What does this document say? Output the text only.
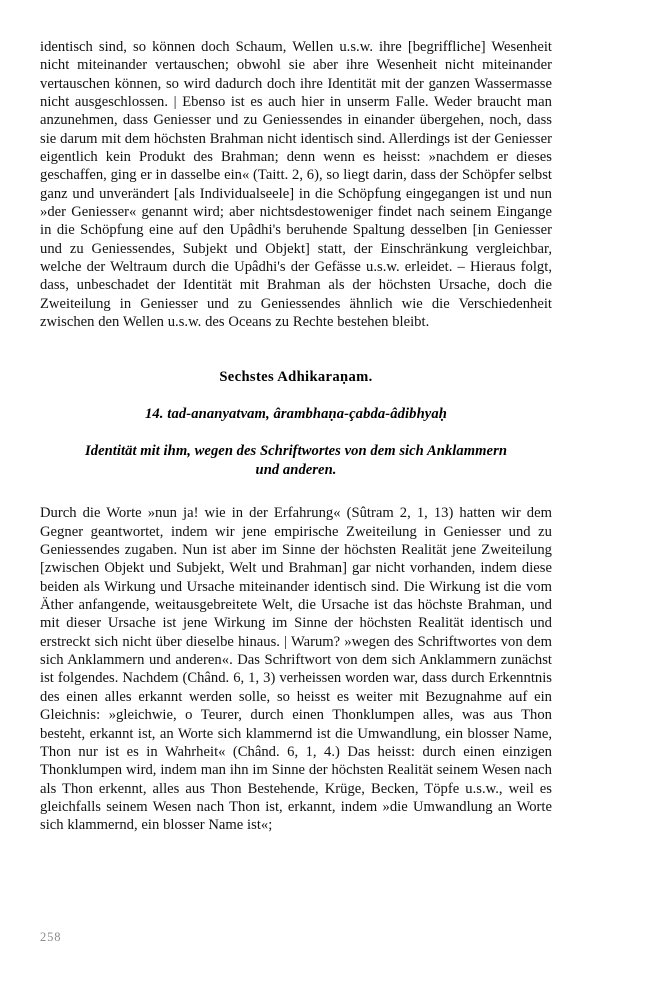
identisch sind, so können doch Schaum, Wellen u.s.w. ihre [begriffliche] Wesenheit nicht miteinander vertauschen; obwohl sie aber ihre Wesenheit nicht miteinander vertauschen können, so wird dadurch doch ihre Identität mit der ganzen Wassermasse nicht ausgeschlossen. | Ebenso ist es auch hier in unserm Falle. Weder braucht man anzunehmen, dass Geniesser und zu Geniessendes in einander übergehen, noch, dass sie darum mit dem höchsten Brahman nicht identisch sind. Allerdings ist der Geniesser eigentlich kein Produkt des Brahman; denn wenn es heisst: »nachdem er dieses geschaffen, ging er in dasselbe ein« (Taitt. 2, 6), so liegt darin, dass der Schöpfer selbst ganz und unverändert [als Individualseele] in die Schöpfung eingegangen ist und nun »der Geniesser« genannt wird; aber nichtsdestoweniger findet nach seinem Eingange in die Schöpfung eine auf den Upâdhi's beruhende Spaltung desselben [in Geniesser und zu Geniessendes, Subjekt und Objekt] statt, der Einschränkung vergleichbar, welche der Weltraum durch die Upâdhi's der Gefässe u.s.w. erleidet. – Hieraus folgt, dass, unbeschadet der Identität mit Brahman als der höchsten Ursache, doch die Zweiteilung in Geniesser und zu Geniessendes ähnlich wie die Verschiedenheit zwischen den Wellen u.s.w. des Oceans zu Rechte bestehen bleibt.

Sechstes Adhikaraṇam.
14. tad-ananyatvam, ârambhaṇa-çabda-âdibhyaḥ
Identität mit ihm, wegen des Schriftwortes von dem sich Anklammern
und anderen.

Durch die Worte »nun ja! wie in der Erfahrung« (Sûtram 2, 1, 13) hatten wir dem Gegner geantwortet, indem wir jene empirische Zweiteilung in Geniesser und zu Geniessendes zugaben. Nun ist aber im Sinne der höchsten Realität jene Zweiteilung [zwischen Objekt und Subjekt, Welt und Brahman] gar nicht vorhanden, indem diese beiden als Wirkung und Ursache miteinander identisch sind. Die Wirkung ist die vom Äther anfangende, weitausgebreitete Welt, die Ursache ist das höchste Brahman, und mit dieser Ursache ist jene Wirkung im Sinne der höchsten Realität identisch und erstreckt sich nicht über dieselbe hinaus. | Warum? »wegen des Schriftwortes von dem sich Anklammern und anderen«. Das Schriftwort von dem sich Anklammern zunächst ist folgendes. Nachdem (Chând. 6, 1, 3) verheissen worden war, dass durch Erkenntnis des einen alles erkannt werden solle, so heisst es weiter mit Bezugnahme auf ein Gleichnis: »gleichwie, o Teurer, durch einen Thonklumpen alles, was aus Thon besteht, erkannt ist, an Worte sich klammernd ist die Umwandlung, ein blosser Name, Thon nur ist es in Wahrheit« (Chând. 6, 1, 4.) Das heisst: durch einen einzigen Thonklumpen wird, indem man ihn im Sinne der höchsten Realität seinem Wesen nach als Thon erkennt, alles aus Thon Bestehende, Krüge, Becken, Töpfe u.s.w., weil es gleichfalls seinem Wesen nach Thon ist, erkannt, indem »die Umwandlung an Worte sich klammernd, ein blosser Name ist«;

258
